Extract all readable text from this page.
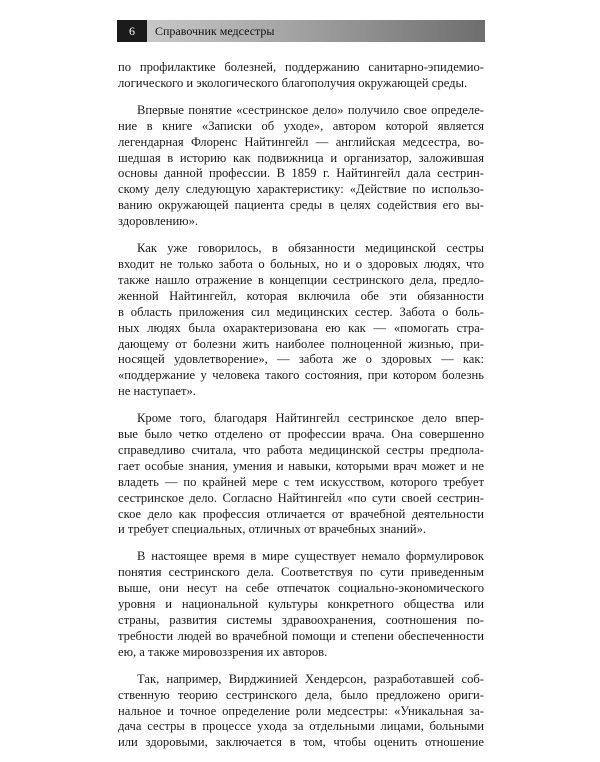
6	Справочник медсестры
по профилактике болезней, поддержанию санитарно-эпидемио-
логического и экологического благополучия окружающей среды.
Впервые понятие «сестринское дело» получило свое определе-
ние в книге «Записки об уходе», автором которой является
легендарная Флоренс Найтингейл — английская медсестра, во-
шедшая в историю как подвижница и организатор, заложившая
основы данной профессии. В 1859 г. Найтингейл дала сестрин-
скому делу следующую характеристику: «Действие по использо-
ванию окружающей пациента среды в целях содействия его вы-
здоровлению».
Как уже говорилось, в обязанности медицинской сестры
входит не только забота о больных, но и о здоровых людях, что
также нашло отражение в концепции сестринского дела, предло-
женной Найтингейл, которая включила обе эти обязанности
в область приложения сил медицинских сестер. Забота о боль-
ных людях была охарактеризована ею как — «помогать стра-
дающему от болезни жить наиболее полноценной жизнью, при-
носящей удовлетворение», — забота же о здоровых — как:
«поддержание у человека такого состояния, при котором болезнь
не наступает».
Кроме того, благодаря Найтингейл сестринское дело впер-
вые было четко отделено от профессии врача. Она совершенно
справедливо считала, что работа медицинской сестры предпола-
гает особые знания, умения и навыки, которыми врач может и не
владеть — по крайней мере с тем искусством, которого требует
сестринское дело. Согласно Найтингейл «по сути своей сестрин-
ское дело как профессия отличается от врачебной деятельности
и требует специальных, отличных от врачебных знаний».
В настоящее время в мире существует немало формулировок
понятия сестринского дела. Соответствуя по сути приведенным
выше, они несут на себе отпечаток социально-экономического
уровня и национальной культуры конкретного общества или
страны, развития системы здравоохранения, соотношения по-
требности людей во врачебной помощи и степени обеспеченности
ею, а также мировоззрения их авторов.
Так, например, Вирджинией Хендерсон, разработавшей соб-
ственную теорию сестринского дела, было предложено ориги-
нальное и точное определение роли медсестры: «Уникальная за-
дача сестры в процессе ухода за отдельными лицами, больными
или здоровыми, заключается в том, чтобы оценить отношение
